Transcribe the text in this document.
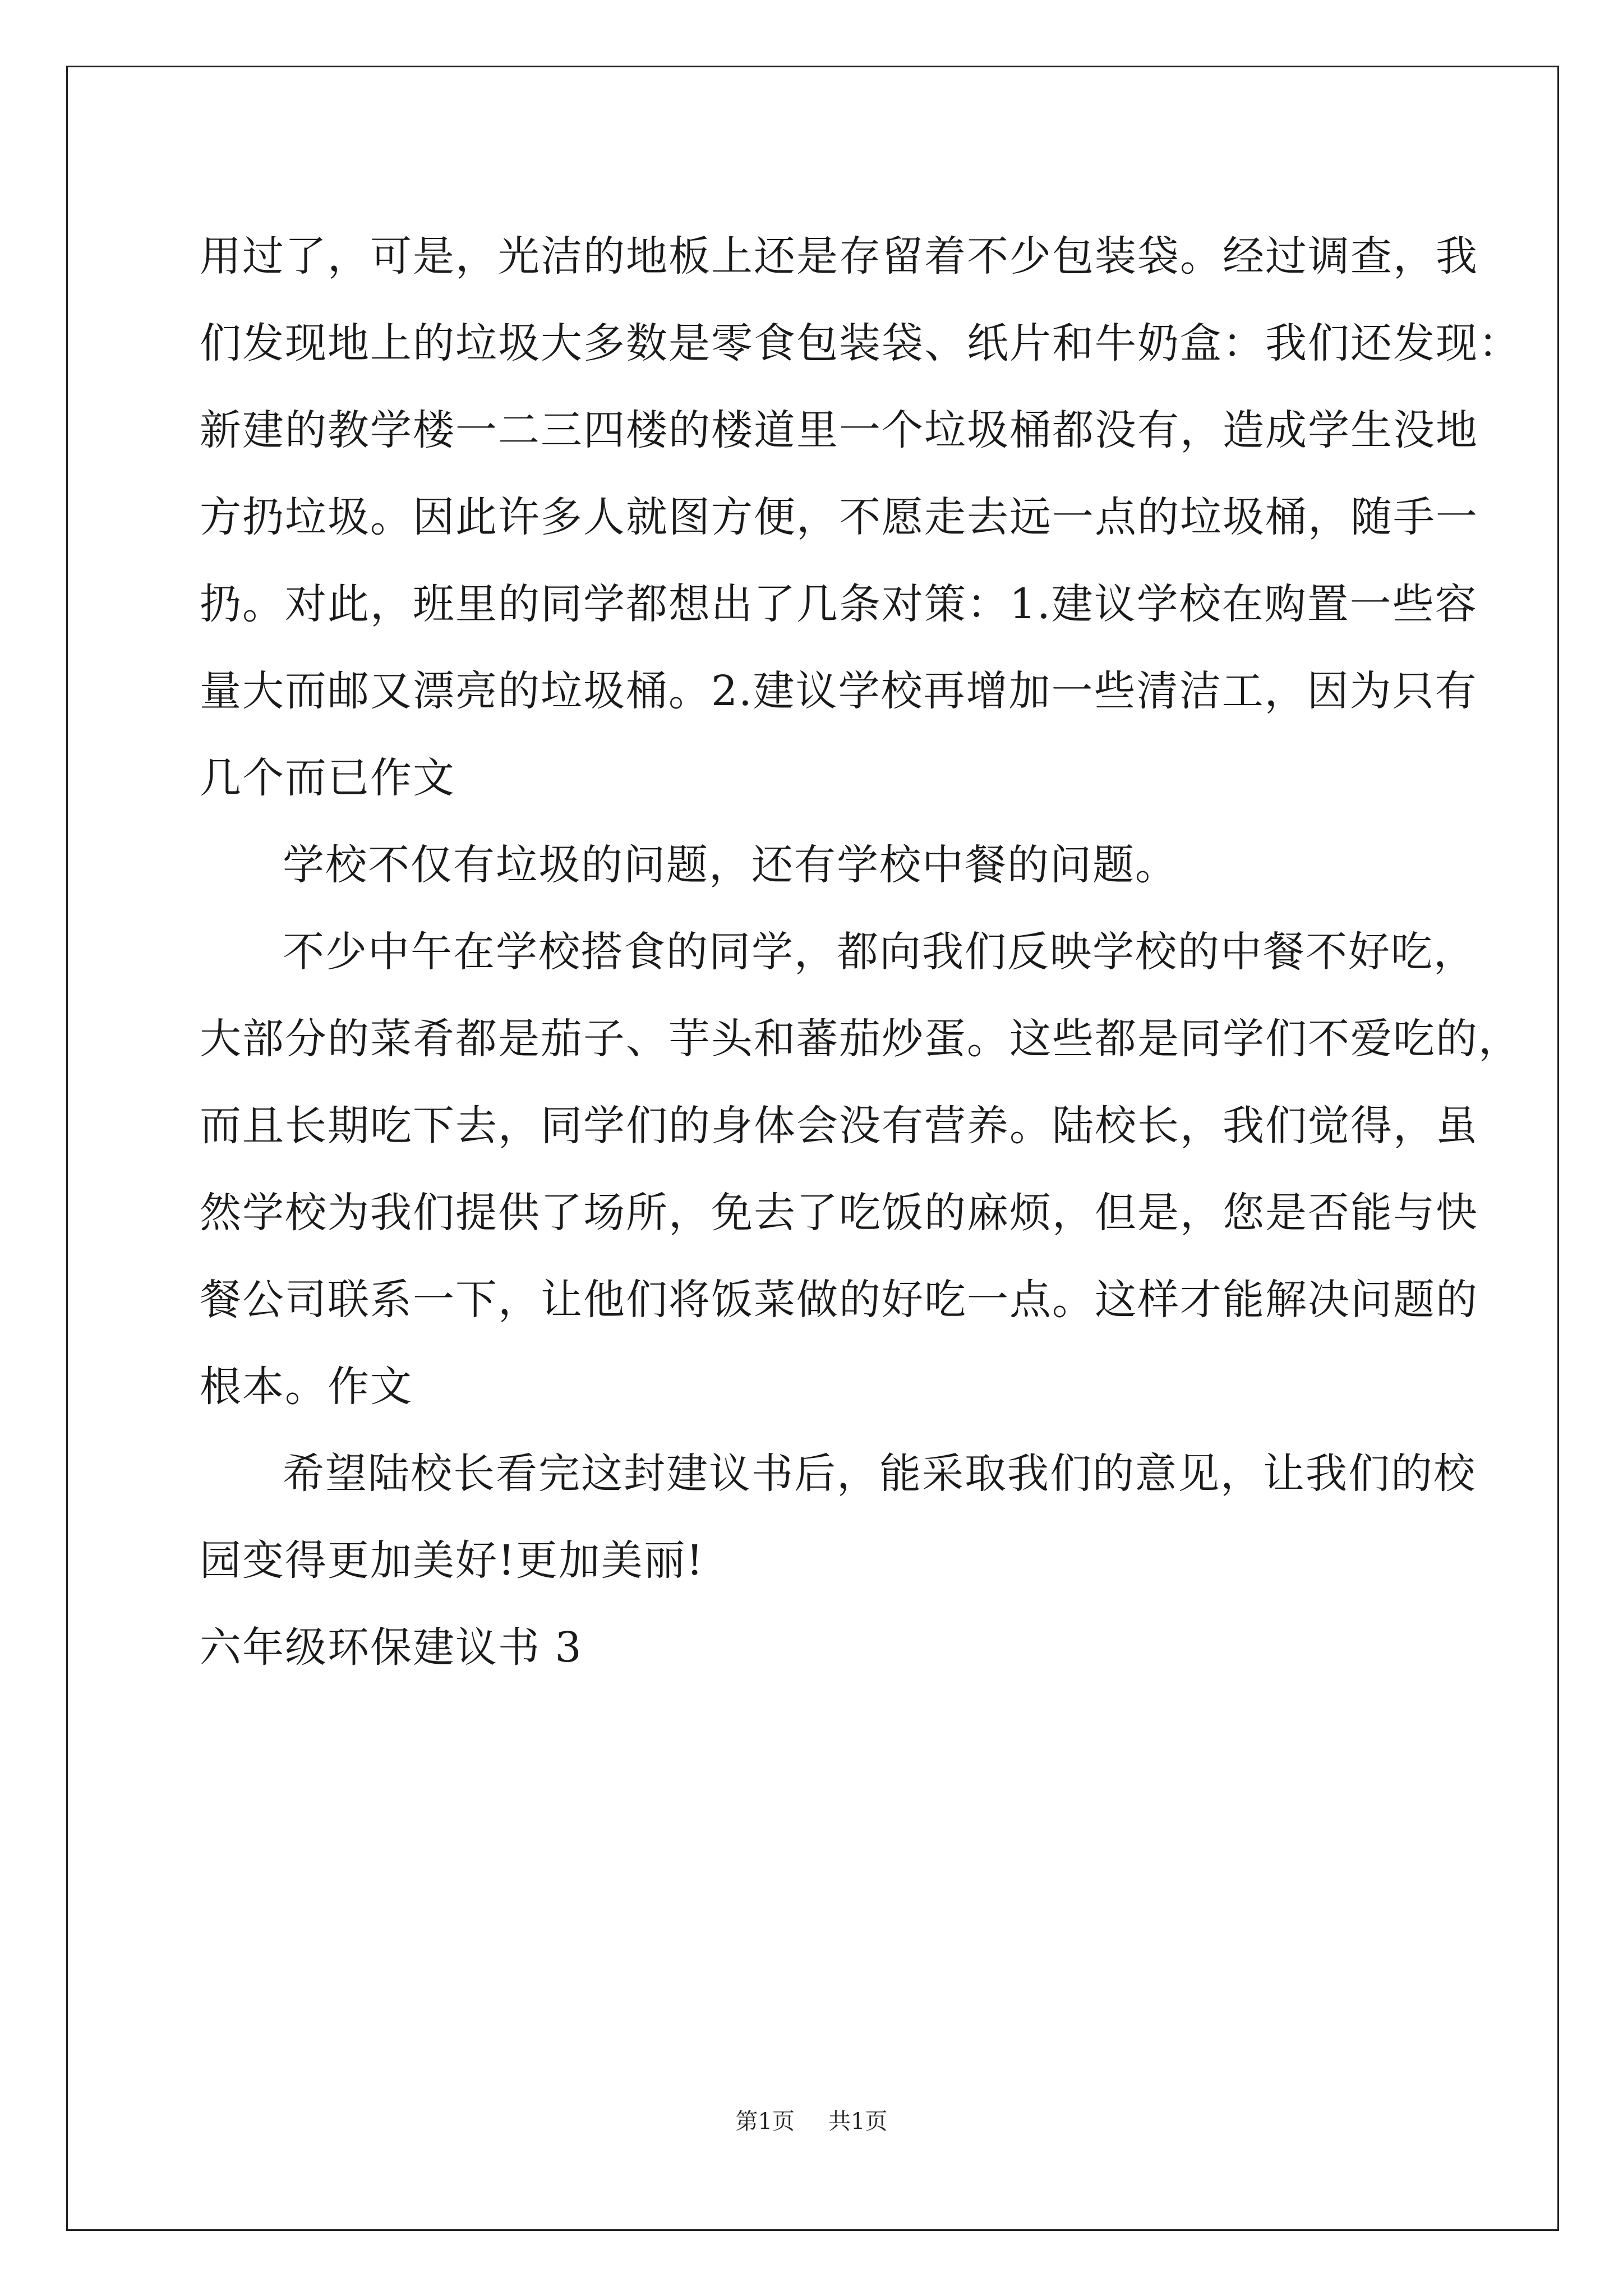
用过了，可是，光洁的地板上还是存留着不少包装袋。经过调查，我
们发现地上的垃圾大多数是零食包装袋、纸片和牛奶盒：我们还发现：
新建的教学楼一二三四楼的楼道里一个垃圾桶都没有，造成学生没地
方扔垃圾。因此许多人就图方便，不愿走去远一点的垃圾桶，随手一
扔。对此，班里的同学都想出了几条对策：1.建议学校在购置一些容
量大而邮又漂亮的垃圾桶。2.建议学校再增加一些清洁工，因为只有
几个而已作文
学校不仅有垃圾的问题，还有学校中餐的问题。
不少中午在学校搭食的同学，都向我们反映学校的中餐不好吃，
大部分的菜肴都是茄子、芋头和蕃茄炒蛋。这些都是同学们不爱吃的，
而且长期吃下去，同学们的身体会没有营养。陆校长，我们觉得，虽
然学校为我们提供了场所，免去了吃饭的麻烦，但是，您是否能与快
餐公司联系一下，让他们将饭菜做的好吃一点。这样才能解决问题的
根本。作文
希望陆校长看完这封建议书后，能采取我们的意见，让我们的校
园变得更加美好!更加美丽!
六年级环保建议书 3
第1页 共1页
